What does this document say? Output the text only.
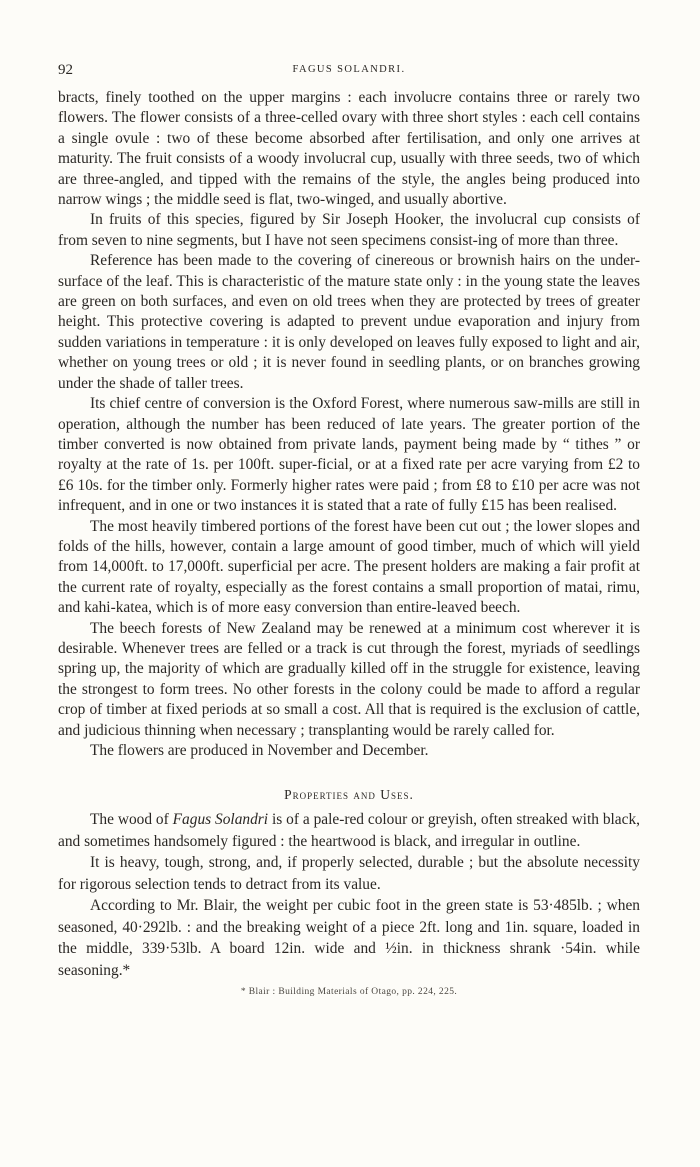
92	FAGUS SOLANDRI.

bracts, finely toothed on the upper margins : each involucre contains three or rarely two flowers. The flower consists of a three-celled ovary with three short styles : each cell contains a single ovule : two of these become absorbed after fertilisation, and only one arrives at maturity. The fruit consists of a woody involucral cup, usually with three seeds, two of which are three-angled, and tipped with the remains of the style, the angles being produced into narrow wings ; the middle seed is flat, two-winged, and usually abortive.

In fruits of this species, figured by Sir Joseph Hooker, the involucral cup consists of from seven to nine segments, but I have not seen specimens consist-ing of more than three.

Reference has been made to the covering of cinereous or brownish hairs on the under-surface of the leaf. This is characteristic of the mature state only : in the young state the leaves are green on both surfaces, and even on old trees when they are protected by trees of greater height. This protective covering is adapted to prevent undue evaporation and injury from sudden variations in temperature : it is only developed on leaves fully exposed to light and air, whether on young trees or old ; it is never found in seedling plants, or on branches growing under the shade of taller trees.

Its chief centre of conversion is the Oxford Forest, where numerous saw-mills are still in operation, although the number has been reduced of late years. The greater portion of the timber converted is now obtained from private lands, payment being made by “ tithes ” or royalty at the rate of 1s. per 100ft. super-ficial, or at a fixed rate per acre varying from £2 to £6 10s. for the timber only. Formerly higher rates were paid ; from £8 to £10 per acre was not infrequent, and in one or two instances it is stated that a rate of fully £15 has been realised.

The most heavily timbered portions of the forest have been cut out ; the lower slopes and folds of the hills, however, contain a large amount of good timber, much of which will yield from 14,000ft. to 17,000ft. superficial per acre. The present holders are making a fair profit at the current rate of royalty, especially as the forest contains a small proportion of matai, rimu, and kahi-katea, which is of more easy conversion than entire-leaved beech.

The beech forests of New Zealand may be renewed at a minimum cost wherever it is desirable. Whenever trees are felled or a track is cut through the forest, myriads of seedlings spring up, the majority of which are gradually killed off in the struggle for existence, leaving the strongest to form trees. No other forests in the colony could be made to afford a regular crop of timber at fixed periods at so small a cost. All that is required is the exclusion of cattle, and judicious thinning when necessary ; transplanting would be rarely called for.

The flowers are produced in November and December.

Properties and Uses.

The wood of Fagus Solandri is of a pale-red colour or greyish, often streaked with black, and sometimes handsomely figured : the heartwood is black, and irregular in outline.

It is heavy, tough, strong, and, if properly selected, durable ; but the absolute necessity for rigorous selection tends to detract from its value.

According to Mr. Blair, the weight per cubic foot in the green state is 53·485lb. ; when seasoned, 40·292lb. : and the breaking weight of a piece 2ft. long and 1in. square, loaded in the middle, 339·53lb. A board 12in. wide and ½in. in thickness shrank ·54in. while seasoning.*

* Blair : Building Materials of Otago, pp. 224, 225.
